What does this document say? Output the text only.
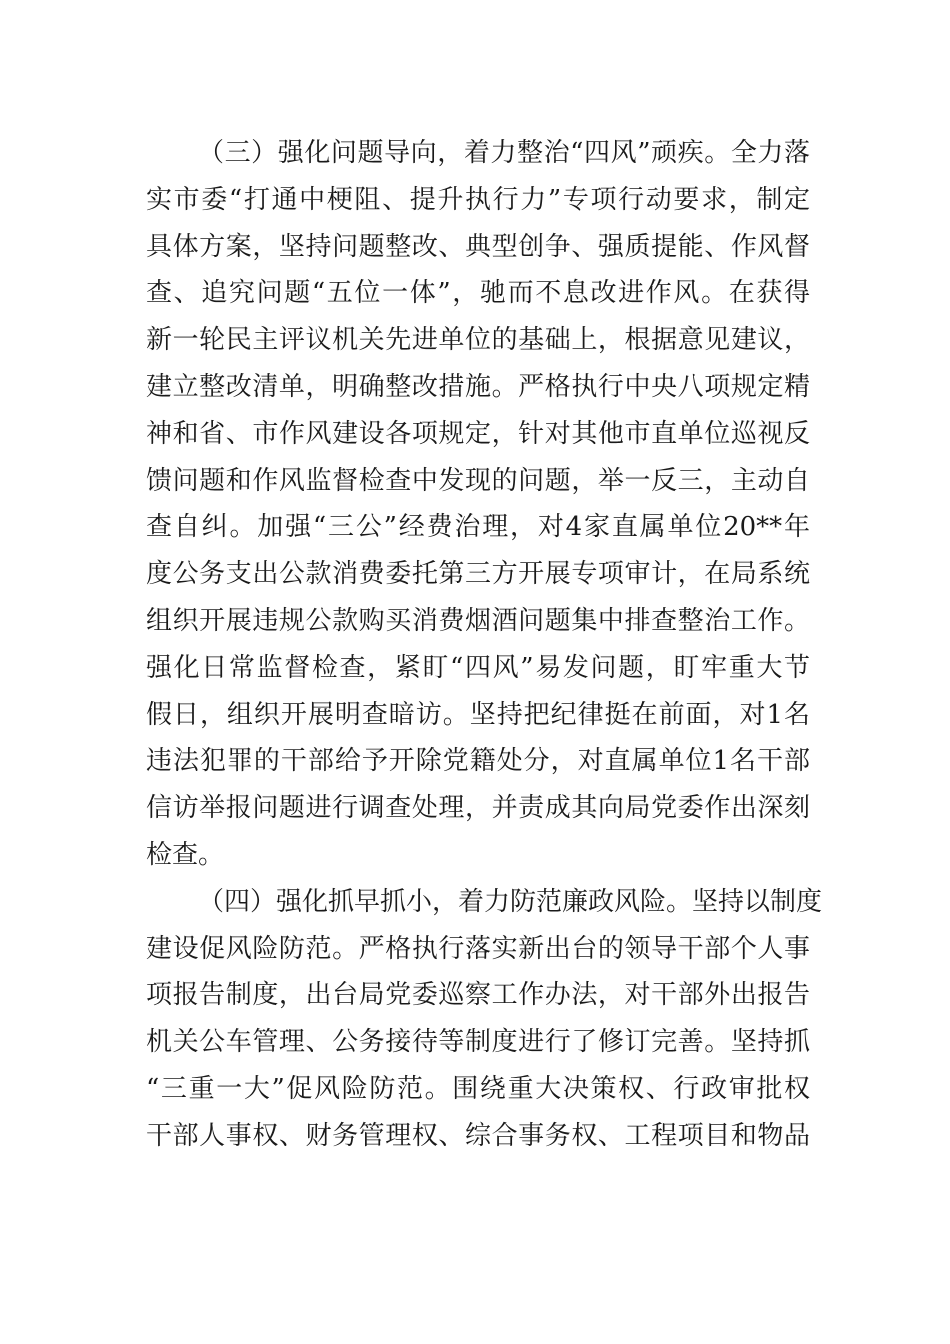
（三）强化问题导向，着力整治“四风”顽疾。全力落
实市委“打通中梗阻、提升执行力”专项行动要求，制定
具体方案，坚持问题整改、典型创争、强质提能、作风督
查、追究问题“五位一体”，驰而不息改进作风。在获得
新一轮民主评议机关先进单位的基础上，根据意见建议，
建立整改清单，明确整改措施。严格执行中央八项规定精
神和省、市作风建设各项规定，针对其他市直单位巡视反
馈问题和作风监督检查中发现的问题，举一反三，主动自
查自纠。加强“三公”经费治理，对4家直属单位20**年
度公务支出公款消费委托第三方开展专项审计，在局系统
组织开展违规公款购买消费烟酒问题集中排查整治工作。
强化日常监督检查，紧盯“四风”易发问题，盯牢重大节
假日，组织开展明查暗访。坚持把纪律挺在前面，对1名
违法犯罪的干部给予开除党籍处分，对直属单位1名干部
信访举报问题进行调查处理，并责成其向局党委作出深刻
检查。
（四）强化抓早抓小，着力防范廉政风险。坚持以制度
建设促风险防范。严格执行落实新出台的领导干部个人事
项报告制度，出台局党委巡察工作办法，对干部外出报告
机关公车管理、公务接待等制度进行了修订完善。坚持抓
“三重一大”促风险防范。围绕重大决策权、行政审批权
干部人事权、财务管理权、综合事务权、工程项目和物品
